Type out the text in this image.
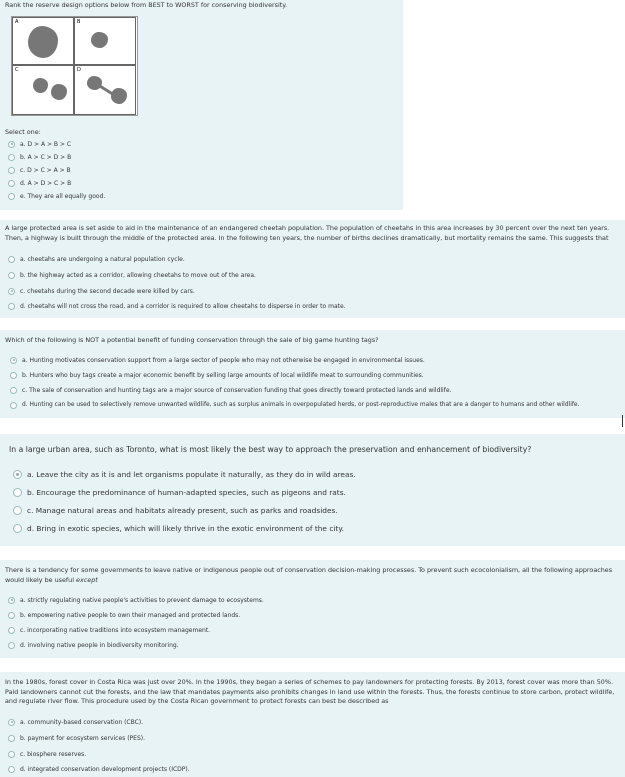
Rank the reserve design options below from BEST to WORST for conserving biodiversity.
A	B
C	D
Select one:
a. D > A > B > C
b. A > C > D > B
c. D > C > A > B
d. A > D > C > B
e. They are all equally good.
A large protected area is set aside to aid in the maintenance of an endangered cheetah population. The population of cheetahs in this area increases by 30 percent over the next ten years. Then, a highway is built through the middle of the protected area. In the following ten years, the number of births declines dramatically, but mortality remains the same. This suggests that
a. cheetahs are undergoing a natural population cycle.
b. the highway acted as a corridor, allowing cheetahs to move out of the area.
c. cheetahs during the second decade were killed by cars.
d. cheetahs will not cross the road, and a corridor is required to allow cheetahs to disperse in order to mate.
Which of the following is NOT a potential benefit of funding conservation through the sale of big game hunting tags?
a. Hunting motivates conservation support from a large sector of people who may not otherwise be engaged in environmental issues.
b. Hunters who buy tags create a major economic benefit by selling large amounts of local wildlife meat to surrounding communities.
c. The sale of conservation and hunting tags are a major source of conservation funding that goes directly toward protected lands and wildlife.
d. Hunting can be used to selectively remove unwanted wildlife, such as surplus animals in overpopulated herds, or post-reproductive males that are a danger to humans and other wildlife.
In a large urban area, such as Toronto, what is most likely the best way to approach the preservation and enhancement of biodiversity?
a. Leave the city as it is and let organisms populate it naturally, as they do in wild areas.
b. Encourage the predominance of human-adapted species, such as pigeons and rats.
c. Manage natural areas and habitats already present, such as parks and roadsides.
d. Bring in exotic species, which will likely thrive in the exotic environment of the city.
There is a tendency for some governments to leave native or indigenous people out of conservation decision-making processes. To prevent such ecocolonialism, all the following approaches would likely be useful except
a. strictly regulating native people's activities to prevent damage to ecosystems.
b. empowering native people to own their managed and protected lands.
c. incorporating native traditions into ecosystem management.
d. involving native people in biodiversity monitoring.
In the 1980s, forest cover in Costa Rica was just over 20%. In the 1990s, they began a series of schemes to pay landowners for protecting forests. By 2013, forest cover was more than 50%. Paid landowners cannot cut the forests, and the law that mandates payments also prohibits changes in land use within the forests. Thus, the forests continue to store carbon, protect wildlife, and regulate river flow. This procedure used by the Costa Rican government to protect forests can best be described as
a. community-based conservation (CBC).
b. payment for ecosystem services (PES).
c. biosphere reserves.
d. integrated conservation development projects (ICDP).
